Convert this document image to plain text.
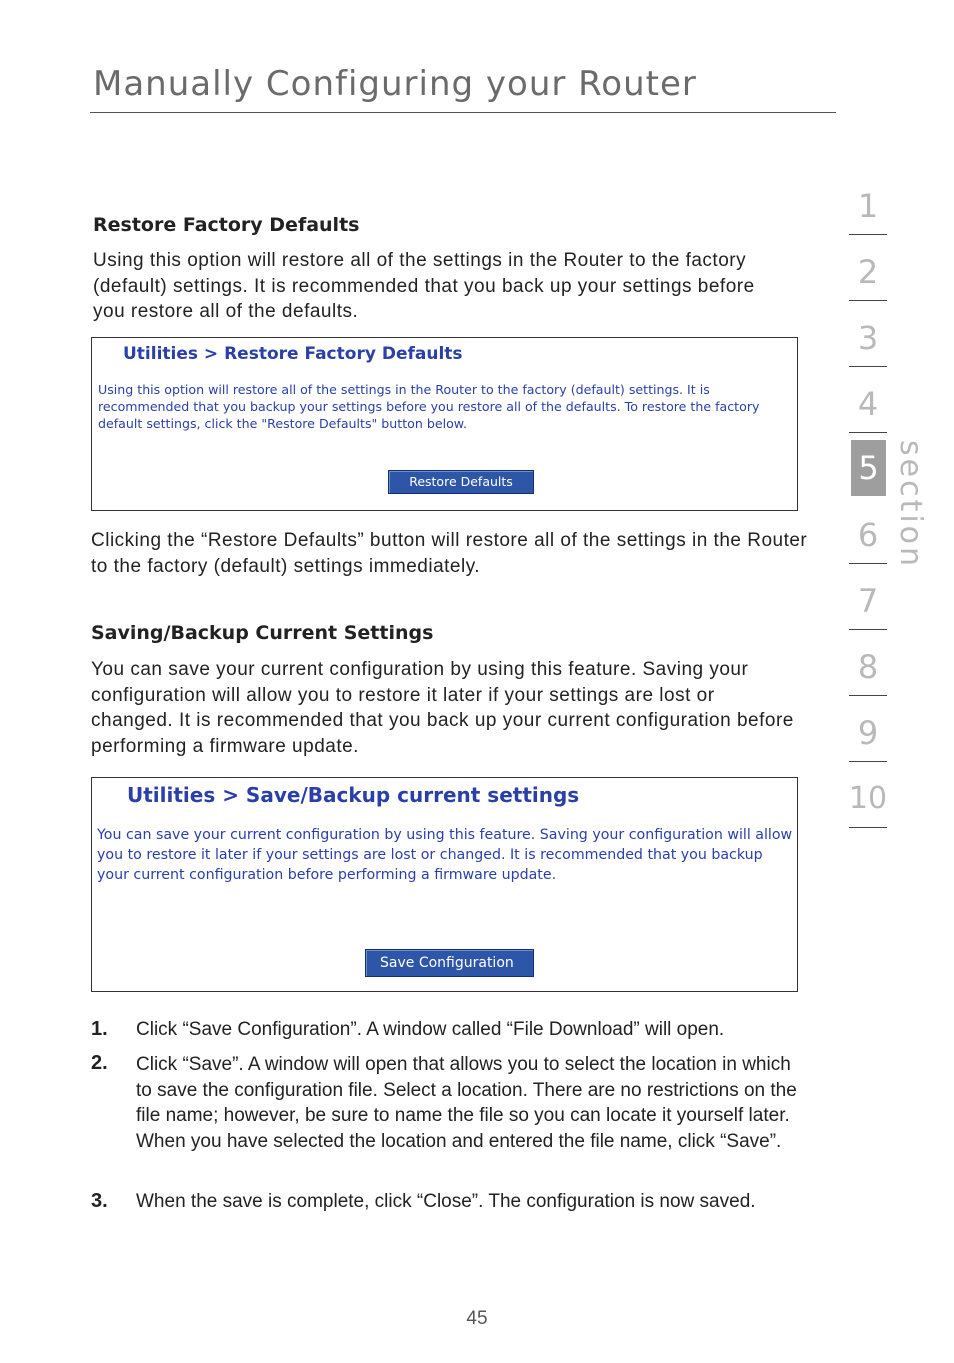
Manually Configuring your Router
Restore Factory Defaults
Using this option will restore all of the settings in the Router to the factory (default) settings. It is recommended that you back up your settings before you restore all of the defaults.
Utilities > Restore Factory Defaults
Using this option will restore all of the settings in the Router to the factory (default) settings. It is recommended that you backup your settings before you restore all of the defaults. To restore the factory default settings, click the "Restore Defaults" button below.
Restore Defaults
Clicking the “Restore Defaults” button will restore all of the settings in the Router to the factory (default) settings immediately.
Saving/Backup Current Settings
You can save your current configuration by using this feature. Saving your configuration will allow you to restore it later if your settings are lost or changed. It is recommended that you back up your current configuration before performing a firmware update.
Utilities > Save/Backup current settings
You can save your current configuration by using this feature. Saving your configuration will allow you to restore it later if your settings are lost or changed. It is recommended that you backup your current configuration before performing a firmware update.
Save Configuration
1. Click “Save Configuration”. A window called “File Download” will open.
2. Click “Save”. A window will open that allows you to select the location in which to save the configuration file. Select a location. There are no restrictions on the file name; however, be sure to name the file so you can locate it yourself later. When you have selected the location and entered the file name, click “Save”.
3. When the save is complete, click “Close”. The configuration is now saved.
1
2
3
4
5
6
7
8
9
10
section
45
